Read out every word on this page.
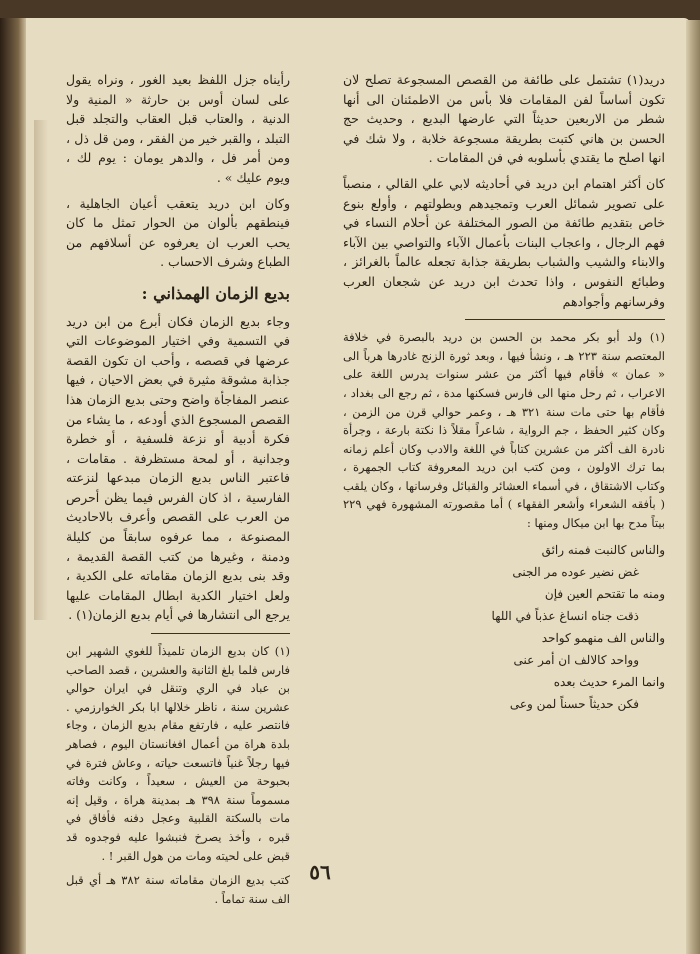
دريد‏(١) تشتمل على طائفة من القصص المسجوعة تصلح لان تكون أساساً لفن المقامات فلا بأس من الاطمئنان الى أنها شطر من الاربعين حديثاً التي عارضها البديع ، وحديث حج الحسن بن هاني كتبت بطريقة مسجوعة خلابة ، ولا شك في انها اصلح ما يقتدي بأسلوبه في فن المقامات .

كان أكثر اهتمام ابن دريد في أحاديثه لابي علي القالي ، منصباً على تصوير شمائل العرب وتمجيدهم وبطولتهم ، وأولع بنوع خاص بتقديم طائفة من الصور المختلفة عن أحلام النساء في فهم الرجال ، واعجاب البنات بأعمال الآباء والتواصي بين الآباء والابناء والشيب والشباب بطريقة جذابة تجعله عالماً بالغرائز ، وطبائع النفوس ، واذا تحدث ابن دريد عن شجعان العرب وفرسانهم وأجوادهم

(١) ولد أبو بكر محمد بن الحسن بن دريد بالبصرة في خلافة المعتصم سنة ٢٢٣ هـ ، ونشأ فيها ، وبعد ثورة الزنج غادرها هرباً الى « عمان » فأقام فيها أكثر من عشر سنوات يدرس اللغة على الاعراب ، ثم رحل منها الى فارس فسكنها مدة ، ثم رجع الى بغداد ، فأقام بها حتى مات سنة ٣٢١ هـ ، وعمر حوالي قرن من الزمن ، وكان كثير الحفظ ، جم الرواية ، شاعراً مقلاً ذا نكتة بارعة ، وجرأة نادرة الف أكثر من عشرين كتاباً في اللغة والادب وكان أعلم زمانه بما ترك الاولون ، ومن كتب ابن دريد المعروفة كتاب الجمهرة ، وكتاب الاشتقاق ، في أسماء العشائر والقبائل وفرسانها ، وكان يلقب ( بأفقه الشعراء وأشعر الفقهاء ) أما مقصورته المشهورة فهي ٢٢٩ بيتاً مدح بها ابن ميكال ومنها :

والناس كالنبت فمنه رائق
غض نضير عوده مر الجنى
ومنه ما تقتحم العين فإن
ذقت جناه انساغ عذباً في اللها
والناس الف منهمو كواحد
وواحد كالالف ان أمر عنى
وانما المرء حديث بعده
فكن حديثاً حسناً لمن وعى

رأيناه جزل اللفظ بعيد الغور ، ونراه يقول على لسان أوس بن حارثة « المنية ولا الدنية ، والعتاب قبل العقاب والتجلد قبل التبلد ، والقبر خير من الفقر ، ومن قل ذل ، ومن أمر فل ، والدهر يومان : يوم لك ، ويوم عليك » .

وكان ابن دريد يتعقب أعيان الجاهلية ، فينطقهم بألوان من الحوار تمثل ما كان يحب العرب ان يعرفوه عن أسلافهم من الطباع وشرف الاحساب .

بديع الزمان الهمذاني :

وجاء بديع الزمان فكان أبرع من ابن دريد في التسمية وفي اختيار الموضوعات التي عرضها في قصصه ، وأحب ان تكون القصة جذابة مشوقة مثيرة في بعض الاحيان ، فيها عنصر المفاجأة واضح وحتى بديع الزمان هذا القصص المسجوع الذي أودعه ، ما يشاء من فكرة أدبية أو نزعة فلسفية ، أو خطرة وجدانية ، أو لمحة مستظرفة . مقامات ، فاعتبر الناس بديع الزمان مبدعها لنزعته الفارسية ، اذ كان الفرس فيما يظن أحرص من العرب على القصص وأعرف بالاحاديث المصنوعة ، مما عرفوه سابقاً من كليلة ودمنة ، وغيرها من كتب القصة القديمة ، وقد بنى بديع الزمان مقاماته على الكدية ، ولعل اختيار الكدية ابطال المقامات عليها يرجع الى انتشارها في أيام بديع الزمان‏(١) .

(١) كان بديع الزمان تلميذاً للغوي الشهير ابن فارس فلما بلغ الثانية والعشرين ، قصد الصاحب بن عباد في الري وتنقل في ايران حوالي عشرين سنة ، ناظر خلالها ابا بكر الخوارزمي . فانتصر عليه ، فارتفع مقام بديع الزمان ، وجاء بلدة هراة من أعمال افغانستان اليوم ، فصاهر فيها رجلاً غنياً فاتسعت حياته ، وعاش فترة في بحبوحة من العيش ، سعيداً ، وكانت وفاته مسموماً سنة ٣٩٨ هـ بمدينة هراة ، وقيل إنه مات بالسكتة القلبية وعجل دفنه فأفاق في قبره ، وأخذ يصرخ فنبشوا عليه فوجدوه قد قبض على لحيته ومات من هول القبر ! .

كتب بديع الزمان مقاماته سنة ٣٨٢ هـ أي قبل الف سنة تماماً .

٥٦
